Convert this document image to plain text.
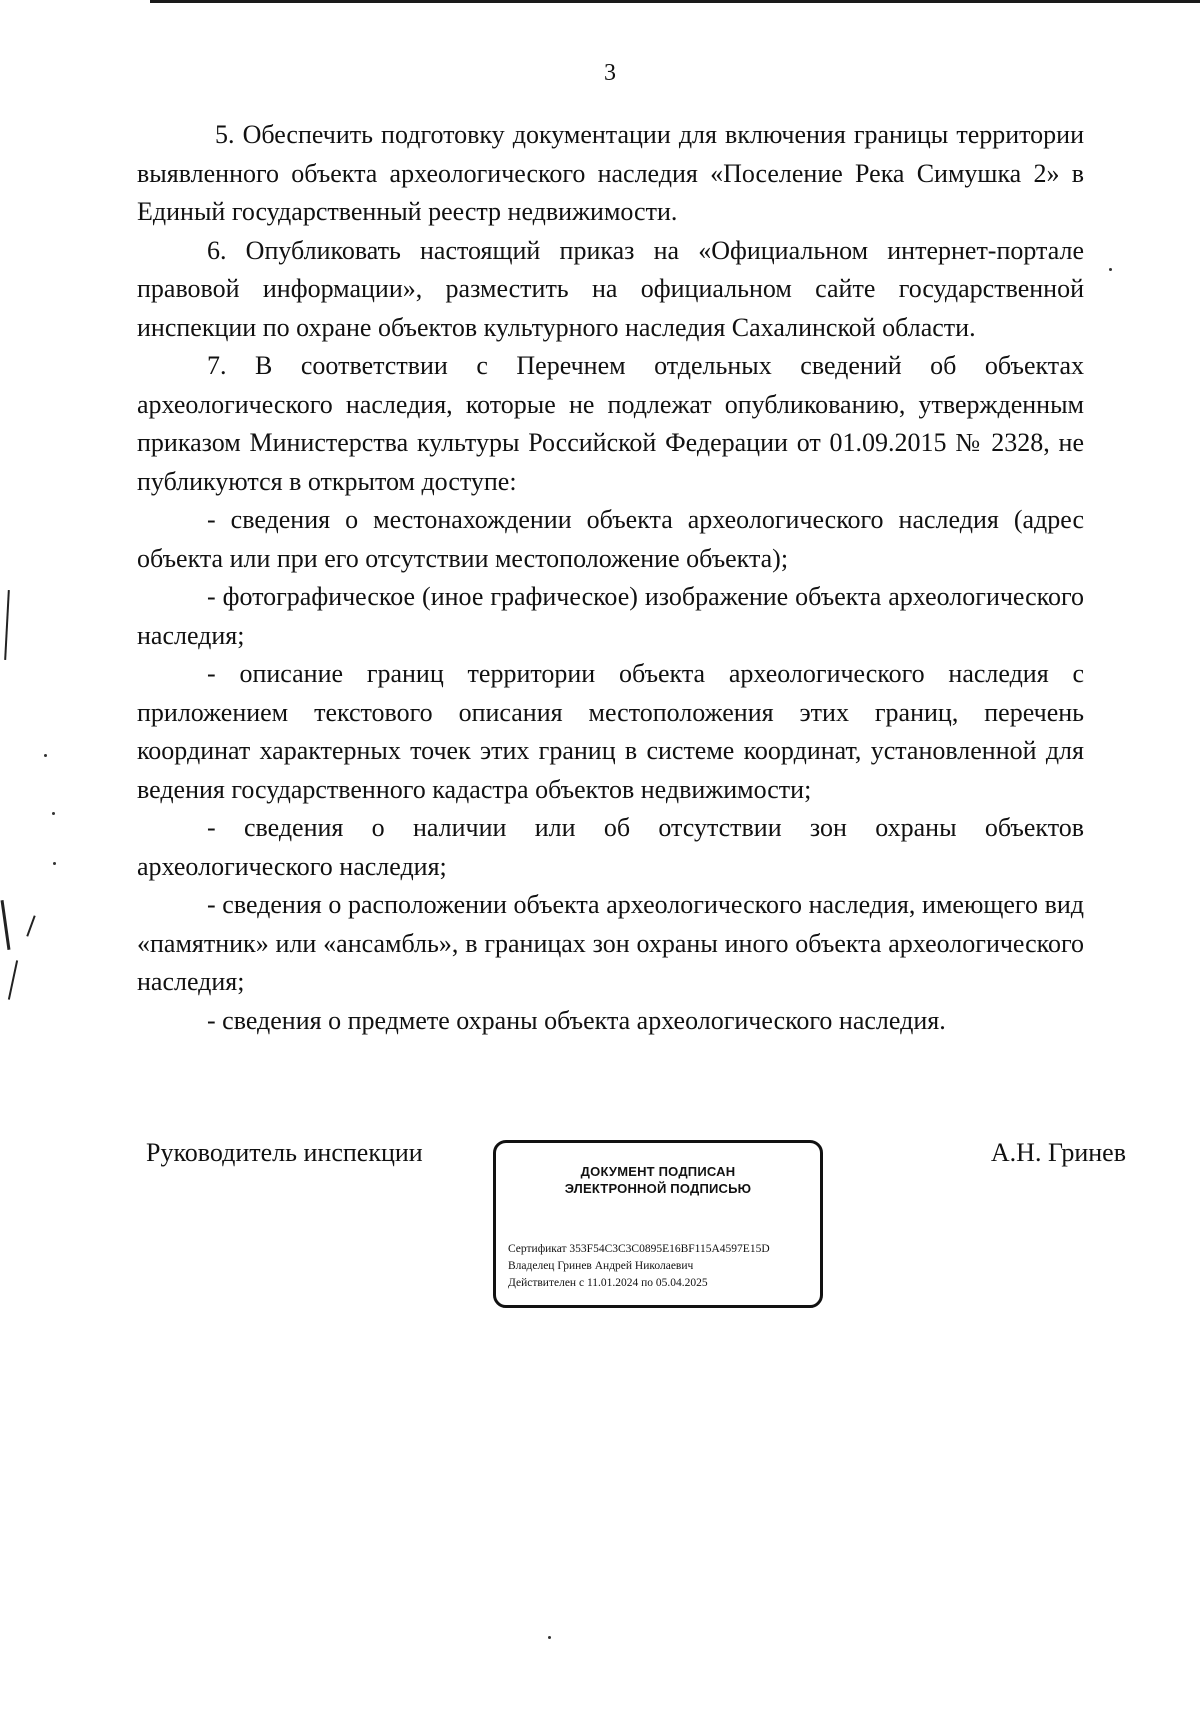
3

5. Обеспечить подготовку документации для включения границы территории выявленного объекта археологического наследия «Поселение Река Симушка 2» в Единый государственный реестр недвижимости.

6. Опубликовать настоящий приказ на «Официальном интернет-портале правовой информации», разместить на официальном сайте государственной инспекции по охране объектов культурного наследия Сахалинской области.

7. В соответствии с Перечнем отдельных сведений об объектах археологического наследия, которые не подлежат опубликованию, утвержденным приказом Министерства культуры Российской Федерации от 01.09.2015 № 2328, не публикуются в открытом доступе:

- сведения о местонахождении объекта археологического наследия (адрес объекта или при его отсутствии местоположение объекта);

- фотографическое (иное графическое) изображение объекта археологического наследия;

- описание границ территории объекта археологического наследия с приложением текстового описания местоположения этих границ, перечень координат характерных точек этих границ в системе координат, установленной для ведения государственного кадастра объектов недвижимости;

- сведения о наличии или об отсутствии зон охраны объектов археологического наследия;

- сведения о расположении объекта археологического наследия, имеющего вид «памятник» или «ансамбль», в границах зон охраны иного объекта археологического наследия;

- сведения о предмете охраны объекта археологического наследия.

Руководитель инспекции	А.Н. Гринев
ДОКУМЕНТ ПОДПИСАН
ЭЛЕКТРОННОЙ ПОДПИСЬЮ
Сертификат 353F54C3C3C0895E16BF115A4597E15D
Владелец Гринев Андрей Николаевич
Действителен с 11.01.2024 по 05.04.2025
